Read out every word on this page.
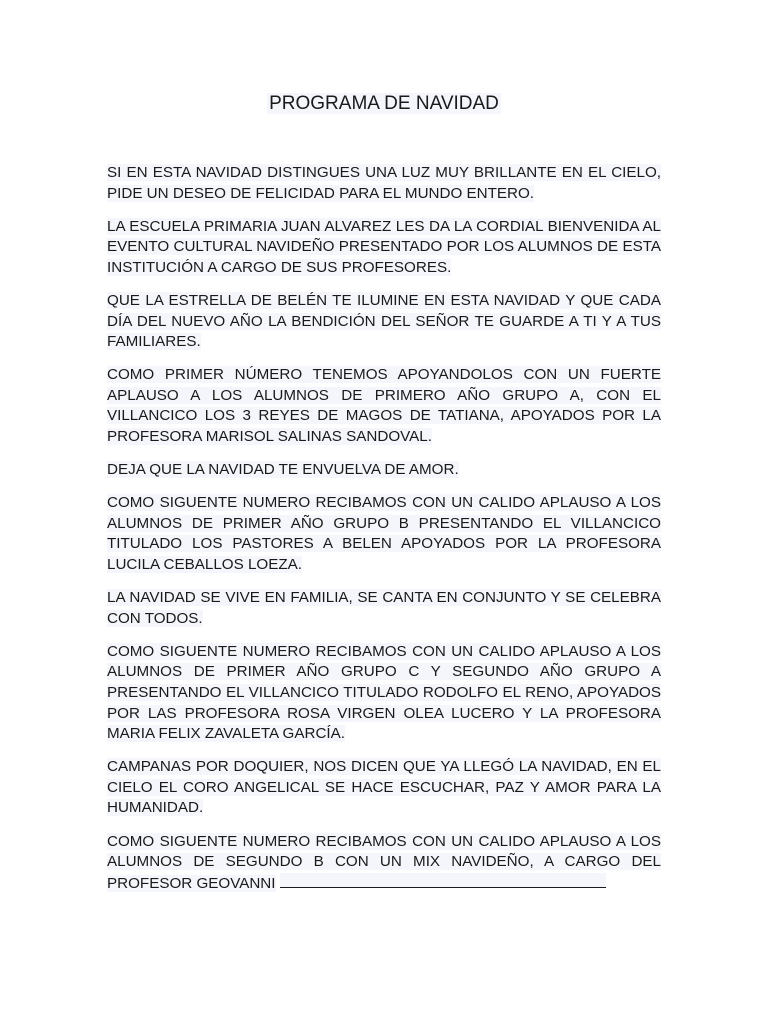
PROGRAMA DE NAVIDAD

SI EN ESTA NAVIDAD DISTINGUES UNA LUZ MUY BRILLANTE EN EL CIELO, PIDE UN DESEO DE FELICIDAD PARA EL MUNDO ENTERO.

LA ESCUELA PRIMARIA JUAN ALVAREZ LES DA LA CORDIAL BIENVENIDA AL EVENTO CULTURAL NAVIDEÑO PRESENTADO POR LOS ALUMNOS DE ESTA INSTITUCIÓN A CARGO DE SUS PROFESORES.

QUE LA ESTRELLA DE BELÉN TE ILUMINE EN ESTA NAVIDAD Y QUE CADA DÍA DEL NUEVO AÑO LA BENDICIÓN DEL SEÑOR TE GUARDE A TI Y A TUS FAMILIARES.

COMO PRIMER NÚMERO TENEMOS APOYANDOLOS CON UN FUERTE APLAUSO A LOS ALUMNOS DE PRIMERO AÑO GRUPO A, CON EL VILLANCICO LOS 3 REYES DE MAGOS DE TATIANA, APOYADOS POR LA PROFESORA MARISOL SALINAS SANDOVAL.

DEJA QUE LA NAVIDAD TE ENVUELVA DE AMOR.

COMO SIGUENTE NUMERO RECIBAMOS CON UN CALIDO APLAUSO A LOS ALUMNOS DE PRIMER AÑO GRUPO B PRESENTANDO EL VILLANCICO TITULADO LOS PASTORES A BELEN APOYADOS POR LA PROFESORA LUCILA CEBALLOS LOEZA.

LA NAVIDAD SE VIVE EN FAMILIA, SE CANTA EN CONJUNTO Y SE CELEBRA CON TODOS.

COMO SIGUENTE NUMERO RECIBAMOS CON UN CALIDO APLAUSO A LOS ALUMNOS DE PRIMER AÑO GRUPO C Y SEGUNDO AÑO GRUPO A PRESENTANDO EL VILLANCICO TITULADO RODOLFO EL RENO, APOYADOS POR LAS PROFESORA ROSA VIRGEN OLEA LUCERO Y LA PROFESORA MARIA FELIX ZAVALETA GARCÍA.

CAMPANAS POR DOQUIER, NOS DICEN QUE YA LLEGÓ LA NAVIDAD, EN EL CIELO EL CORO ANGELICAL SE HACE ESCUCHAR, PAZ Y AMOR PARA LA HUMANIDAD.

COMO SIGUENTE NUMERO RECIBAMOS CON UN CALIDO APLAUSO A LOS ALUMNOS DE SEGUNDO B CON UN MIX NAVIDEÑO, A CARGO DEL PROFESOR GEOVANNI
